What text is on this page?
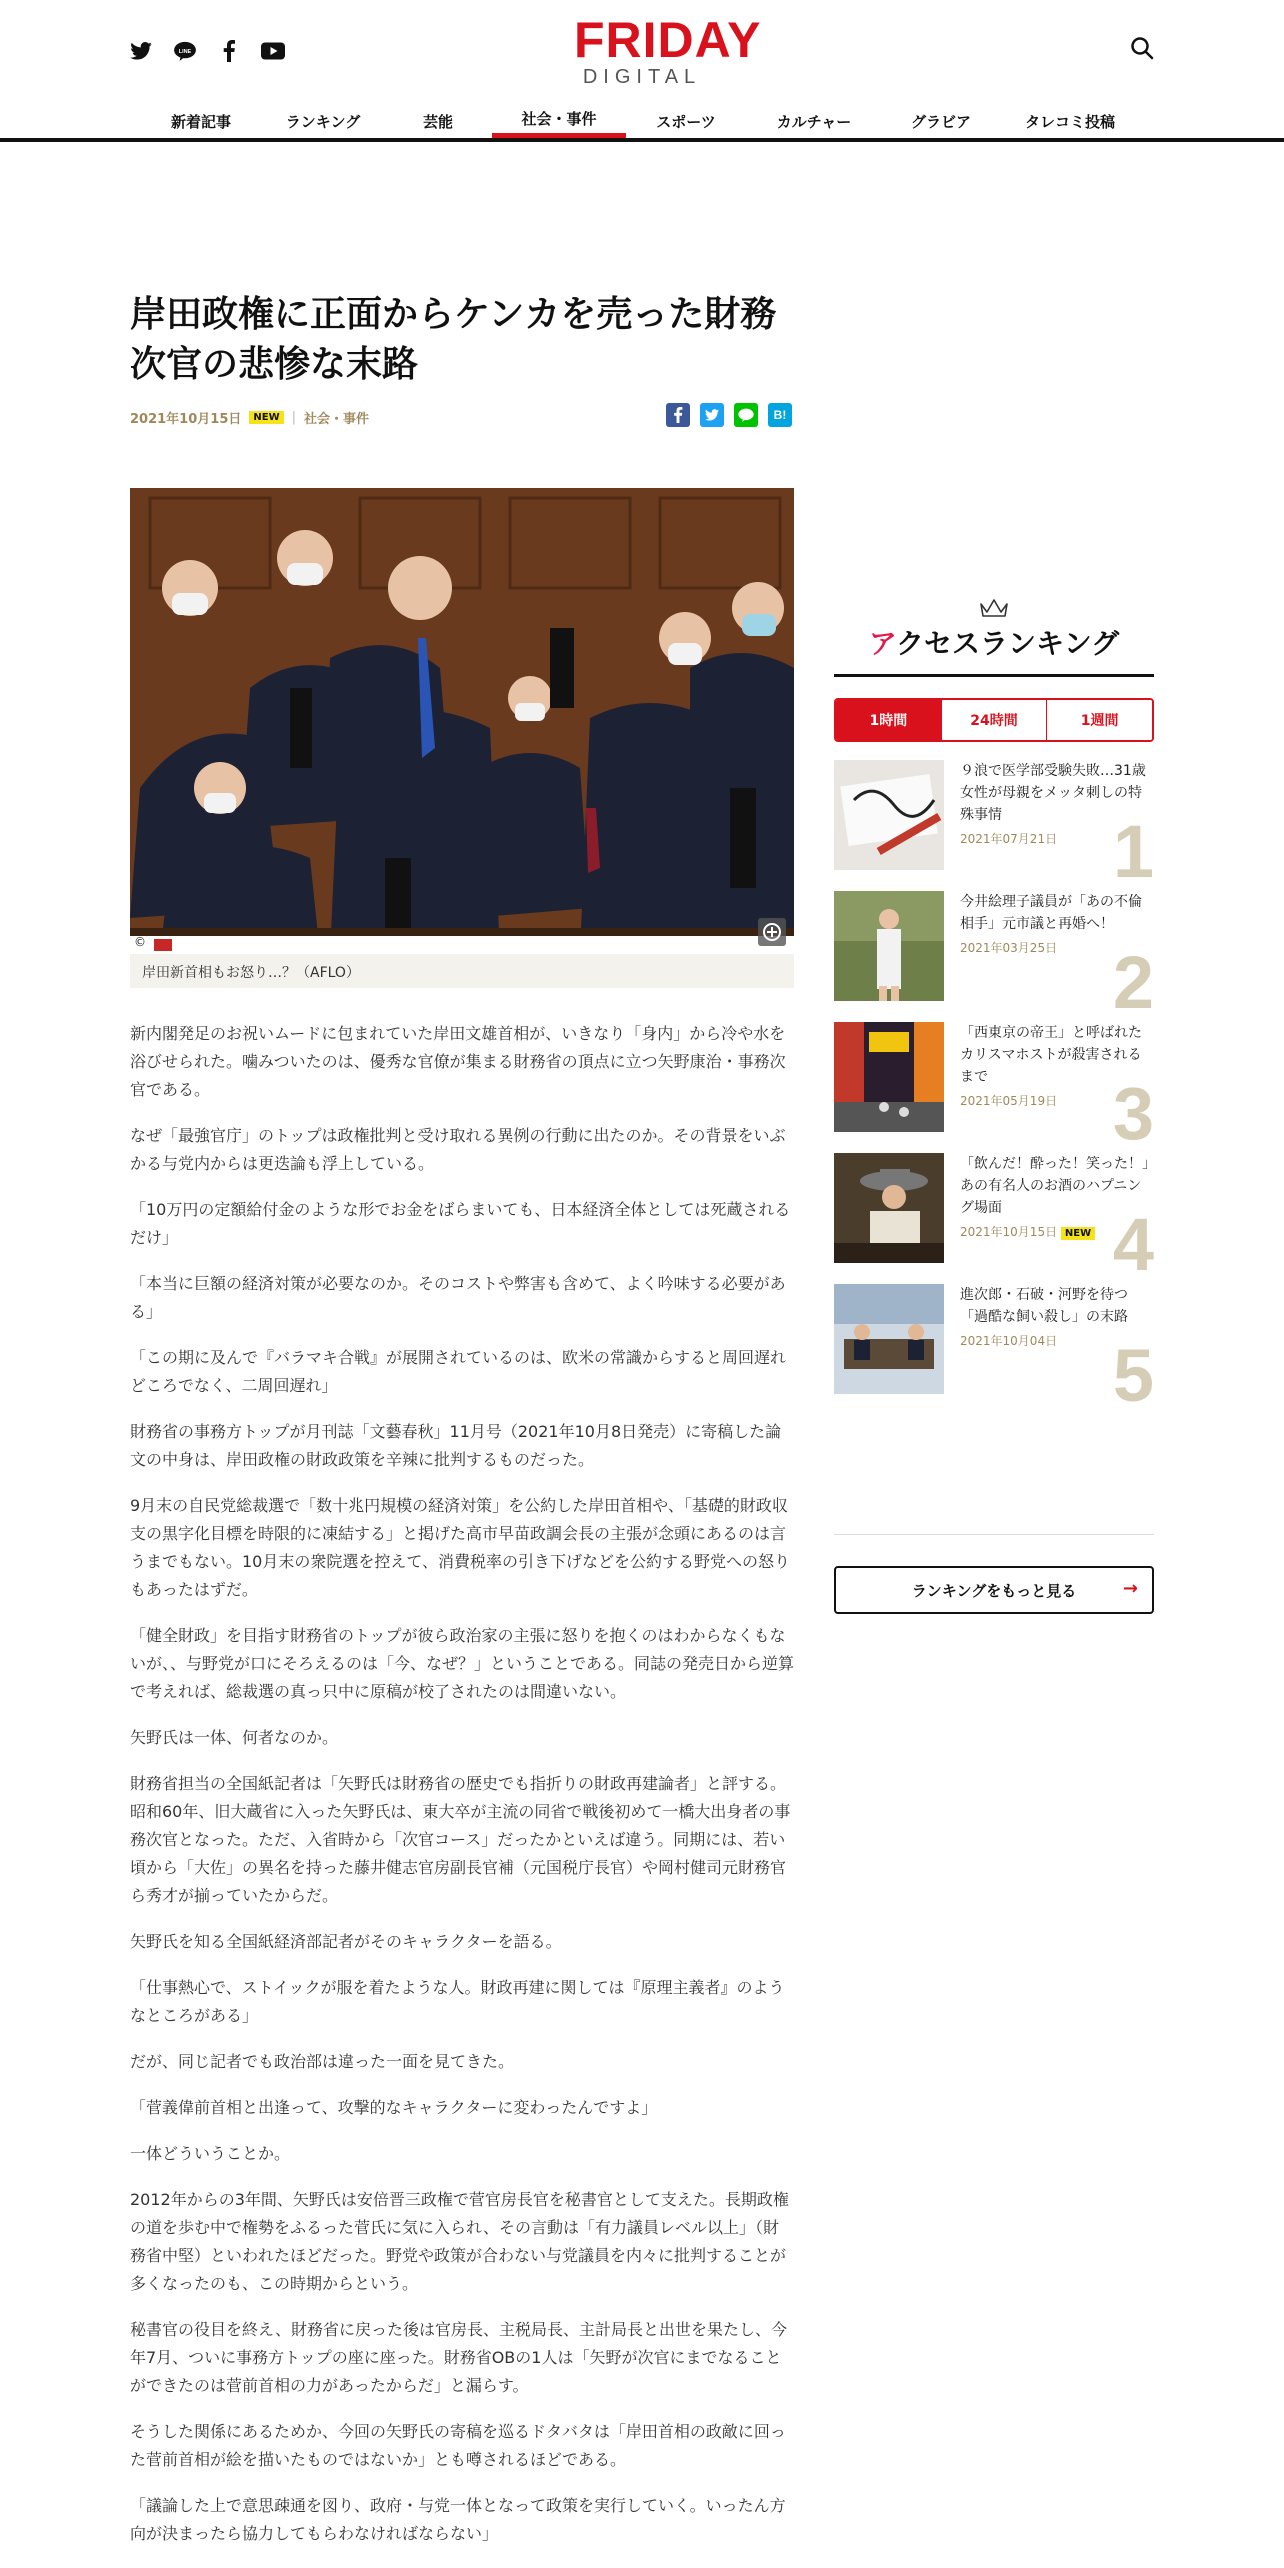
LINE	FRIDAY
DIGITAL
新着記事	ランキング	芸能	社会・事件	スポーツ	カルチャー	グラビア	タレコミ投稿
岸田政権に正面からケンカを売った財務次官の悲惨な末路
2021年10月15日	NEW | 社会・事件	B!
©
岸田新首相もお怒り…？（AFLO）

新内閣発足のお祝いムードに包まれていた岸田文雄首相が、いきなり「身内」から冷や水を浴びせられた。噛みついたのは、優秀な官僚が集まる財務省の頂点に立つ矢野康治・事務次官である。

なぜ「最強官庁」のトップは政権批判と受け取れる異例の行動に出たのか。その背景をいぶかる与党内からは更迭論も浮上している。

「10万円の定額給付金のような形でお金をばらまいても、日本経済全体としては死蔵されるだけ」

「本当に巨額の経済対策が必要なのか。そのコストや弊害も含めて、よく吟味する必要がある」

「この期に及んで『バラマキ合戦』が展開されているのは、欧米の常識からすると周回遅れどころでなく、二周回遅れ」

財務省の事務方トップが月刊誌「文藝春秋」11月号（2021年10月8日発売）に寄稿した論文の中身は、岸田政権の財政政策を辛辣に批判するものだった。

9月末の自民党総裁選で「数十兆円規模の経済対策」を公約した岸田首相や、「基礎的財政収支の黒字化目標を時限的に凍結する」と掲げた高市早苗政調会長の主張が念頭にあるのは言うまでもない。10月末の衆院選を控えて、消費税率の引き下げなどを公約する野党への怒りもあったはずだ。

「健全財政」を目指す財務省のトップが彼ら政治家の主張に怒りを抱くのはわからなくもないが、、与野党が口にそろえるのは「今、なぜ？」ということである。同誌の発売日から逆算で考えれば、総裁選の真っ只中に原稿が校了されたのは間違いない。

矢野氏は一体、何者なのか。

財務省担当の全国紙記者は「矢野氏は財務省の歴史でも指折りの財政再建論者」と評する。昭和60年、旧大蔵省に入った矢野氏は、東大卒が主流の同省で戦後初めて一橋大出身者の事務次官となった。ただ、入省時から「次官コース」だったかといえば違う。同期には、若い頃から「大佐」の異名を持った藤井健志官房副長官補（元国税庁長官）や岡村健司元財務官ら秀才が揃っていたからだ。

矢野氏を知る全国紙経済部記者がそのキャラクターを語る。

「仕事熱心で、ストイックが服を着たような人。財政再建に関しては『原理主義者』のようなところがある」

だが、同じ記者でも政治部は違った一面を見てきた。

「菅義偉前首相と出逢って、攻撃的なキャラクターに変わったんですよ」

一体どういうことか。

2012年からの3年間、矢野氏は安倍晋三政権で菅官房長官を秘書官として支えた。長期政権の道を歩む中で権勢をふるった菅氏に気に入られ、その言動は「有力議員レベル以上」（財務省中堅）といわれたほどだった。野党や政策が合わない与党議員を内々に批判することが多くなったのも、この時期からという。

秘書官の役目を終え、財務省に戻った後は官房長、主税局長、主計局長と出世を果たし、今年7月、ついに事務方トップの座に座った。財務省OBの1人は「矢野が次官にまでなることができたのは菅前首相の力があったからだ」と漏らす。

そうした関係にあるためか、今回の矢野氏の寄稿を巡るドタバタは「岸田首相の政敵に回った菅前首相が絵を描いたものではないか」とも噂されるほどである。

「議論した上で意思疎通を図り、政府・与党一体となって政策を実行していく。いったん方向が決まったら協力してもらわなければならない」

アクセスランキング
1時間	24時間	1週間
９浪で医学部受験失敗…31歳女性が母親をメッタ刺しの特殊事情
2021年07月21日 1
今井絵理子議員が「あの不倫相手」元市議と再婚へ！
2021年03月25日 2
「西東京の帝王」と呼ばれたカリスマホストが殺害されるまで
2021年05月19日 3
「飲んだ！酔った！笑った！」あの有名人のお酒のハプニング場面
2021年10月15日 NEW 4
進次郎・石破・河野を待つ「過酷な飼い殺し」の末路
2021年10月04日 5
ランキングをもっと見る	→
